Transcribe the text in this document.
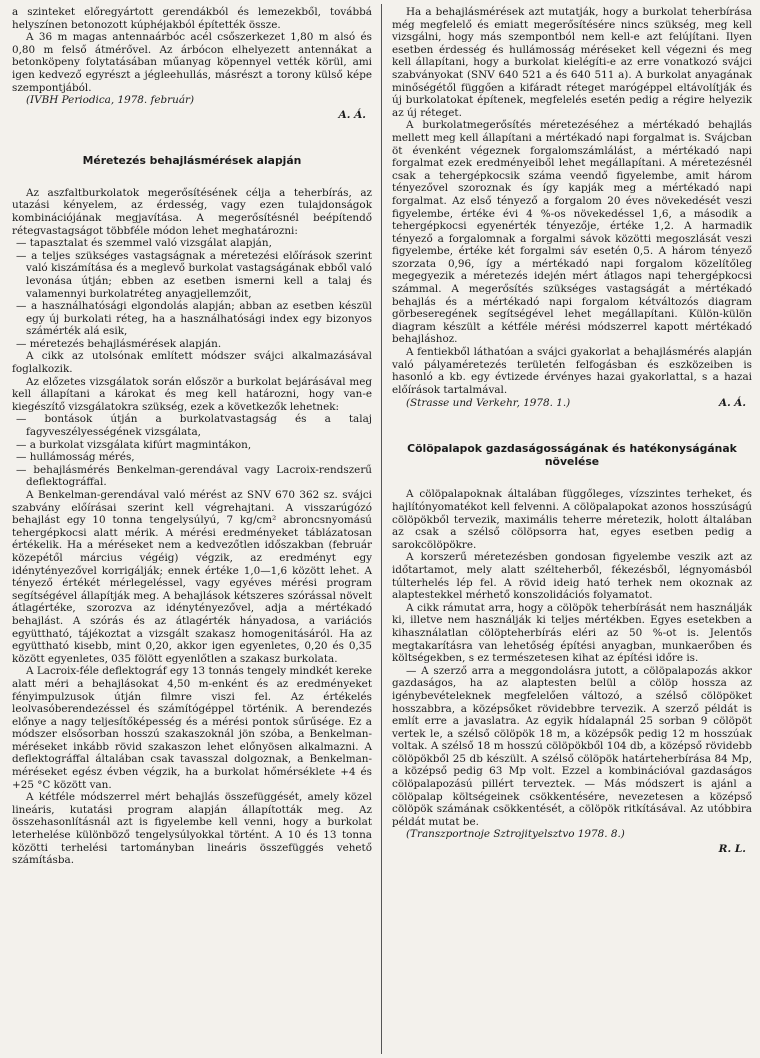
a szinteket előregyártott gerendákból és lemezekből, továbbá helyszínen betonozott kúphéjakból építették össze.

A 36 m magas antennaárbóc acél csőszerkezet 1,80 m alsó és 0,80 m felső átmérővel. Az árbócon elhelyezett antennákat a betonköpeny folytatásában műanyag köpennyel vették körül, ami igen kedvező egyrészt a jégleehullás, másrészt a torony külső képe szempontjából.

(IVBH Periodica, 1978. február)

A. Á.
Méretezés behajlásmérések alapján

Az aszfaltburkolatok megerősítésének célja a teherbírás, az utazási kényelem, az érdesség, vagy ezen tulajdonságok kombinációjának megjavítása. A megerősítésnél beépítendő rétegvastagságot többféle módon lehet meghatározni:

— tapasztalat és szemmel való vizsgálat alapján,
— a teljes szükséges vastagságnak a méretezési előírások szerint való kiszámítása és a meglevő burkolat vastagságának ebből való levonása útján; ebben az esetben ismerni kell a talaj és valamennyi burkolatréteg anyagjellemzőit,
— a használhatósági elgondolás alapján; abban az esetben készül egy új burkolati réteg, ha a használhatósági index egy bizonyos számérték alá esik,
— méretezés behajlásmérések alapján.

A cikk az utolsónak említett módszer svájci alkalmazásával foglalkozik.

Az előzetes vizsgálatok során először a burkolat bejárásával meg kell állapítani a károkat és meg kell határozni, hogy van-e kiegészítő vizsgálatokra szükség, ezek a következők lehetnek:

— bontások útján a burkolatvastagság és a talaj fagyveszélyességének vizsgálata,
— a burkolat vizsgálata kifúrt magmintákon,
— hullámosság mérés,
— behajlásmérés Benkelman-gerendával vagy Lacroix-rendszerű deflektográffal.

A Benkelman-gerendával való mérést az SNV 670 362 sz. svájci szabvány előírásai szerint kell végrehajtani. A visszarúgózó behajlást egy 10 tonna tengelysúlyú, 7 kg/cm² abroncsnyomású tehergépkocsi alatt mérik. A mérési eredményeket táblázatosan értékelik. Ha a méréseket nem a kedvezőtlen időszakban (február közepétől március végéig) végzik, az eredményt egy idénytényezővel korrigálják; ennek értéke 1,0—1,6 között lehet. A tényező értékét mérlegeléssel, vagy egyéves mérési program segítségével állapítják meg. A behajlások kétszeres szórással növelt átlagértéke, szorozva az idénytényezővel, adja a mértékadó behajlást. A szórás és az átlagérték hányadosa, a variációs együttható, tájékoztat a vizsgált szakasz homogenitásáról. Ha az együttható kisebb, mint 0,20, akkor igen egyenletes, 0,20 és 0,35 között egyenletes, 035 fölött egyenlőtlen a szakasz burkolata.

A Lacroix-féle deflektográf egy 13 tonnás tengely mindkét kereke alatt méri a behajlásokat 4,50 m-enként és az eredményeket fényimpulzusok útján filmre viszi fel. Az értékelés leolvasóberendezéssel és számítógéppel történik. A berendezés előnye a nagy teljesítőképesség és a mérési pontok sűrűsége. Ez a módszer elsősorban hosszú szakaszoknál jön szóba, a Benkelman-méréseket inkább rövid szakaszon lehet előnyösen alkalmazni. A deflektográffal általában csak tavasszal dolgoznak, a Benkelman-méréseket egész évben végzik, ha a burkolat hőmérséklete +4 és +25 °C között van.

A kétféle módszerrel mért behajlás összefüggését, amely közel lineáris, kutatási program alapján állapították meg. Az összehasonlításnál azt is figyelembe kell venni, hogy a burkolat leterhelése különböző tengelysúlyokkal történt. A 10 és 13 tonna közötti terhelési tartományban lineáris összefüggés vehető számításba.

Ha a behajlásmérések azt mutatják, hogy a burkolat teherbírása még megfelelő és emiatt megerősítésére nincs szükség, meg kell vizsgálni, hogy más szempontból nem kell-e azt felújítani. Ilyen esetben érdesség és hullámosság méréseket kell végezni és meg kell állapítani, hogy a burkolat kielégíti-e az erre vonatkozó svájci szabványokat (SNV 640 521 a és 640 511 a). A burkolat anyagának minőségétől függően a kifáradt réteget marógéppel eltávolítják és új burkolatokat építenek, megfelelés esetén pedig a régire helyezik az új réteget.

A burkolatmegerősítés méretezéséhez a mértékadó behajlás mellett meg kell állapítani a mértékadó napi forgalmat is. Svájcban öt évenként végeznek forgalomszámlálást, a mértékadó napi forgalmat ezek eredményeiből lehet megállapítani. A méretezésnél csak a tehergépkocsik száma veendő figyelembe, amit három tényezővel szoroznak és így kapják meg a mértékadó napi forgalmat. Az első tényező a forgalom 20 éves növekedését veszi figyelembe, értéke évi 4 %-os növekedéssel 1,6, a második a tehergépkocsi egyenérték tényezője, értéke 1,2. A harmadik tényező a forgalomnak a forgalmi sávok közötti megoszlását veszi figyelembe, értéke két forgalmi sáv esetén 0,5. A három tényező szorzata 0,96, így a mértékadó napi forgalom közelítőleg megegyezik a méretezés idején mért átlagos napi tehergépkocsi számmal. A megerősítés szükséges vastagságát a mértékadó behajlás és a mértékadó napi forgalom kétváltozós diagram görbeseregének segítségével lehet megállapítani. Külön-külön diagram készült a kétféle mérési módszerrel kapott mértékadó behajláshoz.

A fentiekből láthatóan a svájci gyakorlat a behajlásmérés alapján való pályaméretezés területén felfogásban és eszközeiben is hasonló a kb. egy évtizede érvényes hazai gyakorlattal, s a hazai előírások tartalmával.

(Strasse und Verkehr, 1978. 1.)	A. Á.
Cölöpalapok gazdaságosságának és hatékonyságának növelése

A cölöpalapoknak általában függőleges, vízszintes terheket, és hajlítónyomatékot kell felvenni. A cölöpalapokat azonos hosszúságú cölöpökből tervezik, maximális teherre méretezik, holott általában az csak a szélső cölöpsorra hat, egyes esetben pedig a sarokcölöpökre.

A korszerű méretezésben gondosan figyelembe veszik azt az időtartamot, mely alatt szélteherből, fékezésből, légnyomásból túlterhelés lép fel. A rövid ideig ható terhek nem okoznak az alaptestekkel mérhető konszolidációs folyamatot.

A cikk rámutat arra, hogy a cölöpök teherbírását nem használják ki, illetve nem használják ki teljes mértékben. Egyes esetekben a kihasználatlan cölöpteherbírás eléri az 50 %-ot is. Jelentős megtakarításra van lehetőség építési anyagban, munkaerőben és költségekben, s ez természetesen kihat az építési időre is.

— A szerző arra a meggondolásra jutott, a cölöpalapozás akkor gazdaságos, ha az alaptesten belül a cölöp hossza az igénybevételeknek megfelelően változó, a szélső cölöpöket hosszabbra, a középsőket rövidebbre tervezik. A szerző példát is említ erre a javaslatra. Az egyik hídalapnál 25 sorban 9 cölöpöt vertek le, a szélső cölöpök 18 m, a középsők pedig 12 m hosszúak voltak. A szélső 18 m hosszú cölöpökből 104 db, a középső rövidebb cölöpökből 25 db készült. A szélső cölöpök határteherbírása 84 Mp, a középső pedig 63 Mp volt. Ezzel a kombinációval gazdaságos cölöpalapozású pillért terveztek. — Más módszert is ajánl a cölöpalap költségeinek csökkentésére, nevezetesen a középső cölöpök számának csökkentését, a cölöpök ritkításával. Az utóbbira példát mutat be.

(Transzportnoje Sztrojityelsztvo 1978. 8.)

R. L.
